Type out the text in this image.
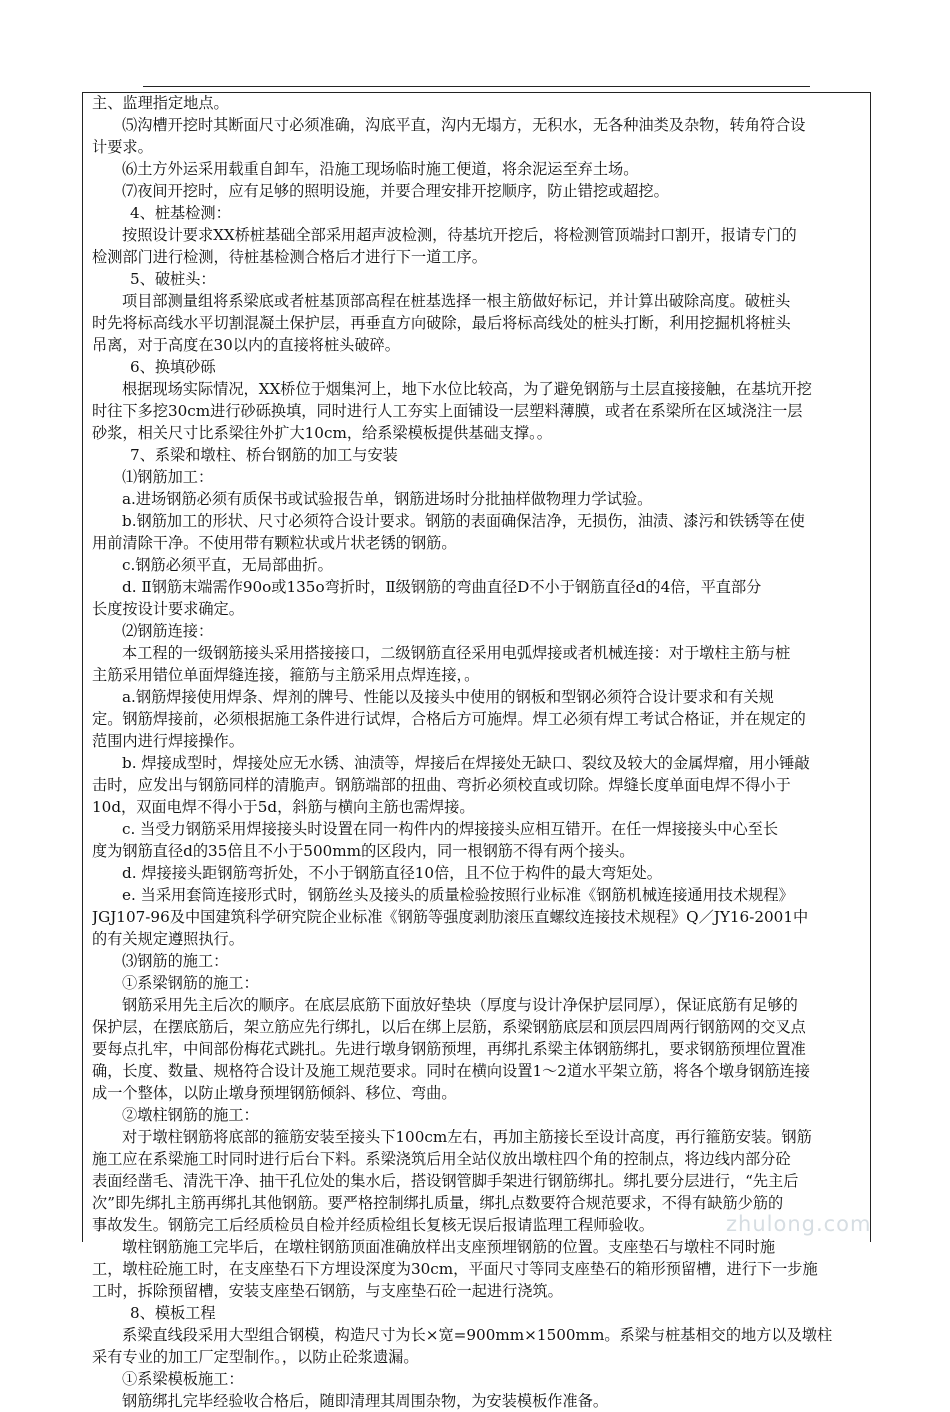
主、监理指定地点。
⑸沟槽开挖时其断面尺寸必须准确，沟底平直，沟内无塌方，无积水，无各种油类及杂物，转角符合设
计要求。
⑹土方外运采用载重自卸车，沿施工现场临时施工便道，将余泥运至弃土场。
⑺夜间开挖时，应有足够的照明设施，并要合理安排开挖顺序，防止错挖或超挖。
4、桩基检测：
按照设计要求XX桥桩基础全部采用超声波检测，待基坑开挖后，将检测管顶端封口割开，报请专门的
检测部门进行检测，待桩基检测合格后才进行下一道工序。
5、破桩头：
项目部测量组将系梁底或者桩基顶部高程在桩基选择一根主筋做好标记，并计算出破除高度。破桩头
时先将标高线水平切割混凝土保护层，再垂直方向破除，最后将标高线处的桩头打断，利用挖掘机将桩头
吊离，对于高度在30以内的直接将桩头破碎。
6、换填砂砾
根据现场实际情况，XX桥位于烟集河上，地下水位比较高，为了避免钢筋与土层直接接触，在基坑开挖
时往下多挖30cm进行砂砾换填，同时进行人工夯实上面铺设一层塑料薄膜，或者在系梁所在区域浇注一层
砂浆，相关尺寸比系梁往外扩大10cm，给系梁模板提供基础支撑。。
7、系梁和墩柱、桥台钢筋的加工与安装
⑴钢筋加工：
a.进场钢筋必须有质保书或试验报告单，钢筋进场时分批抽样做物理力学试验。
b.钢筋加工的形状、尺寸必须符合设计要求。钢筋的表面确保洁净，无损伤，油渍、漆污和铁锈等在使
用前清除干净。不使用带有颗粒状或片状老锈的钢筋。
c.钢筋必须平直，无局部曲折。
d. Ⅱ钢筋末端需作90o或135o弯折时，Ⅱ级钢筋的弯曲直径D不小于钢筋直径d的4倍，平直部分
长度按设计要求确定。
⑵钢筋连接：
本工程的一级钢筋接头采用搭接接口，二级钢筋直径采用电弧焊接或者机械连接：对于墩柱主筋与桩
主筋采用错位单面焊缝连接，箍筋与主筋采用点焊连接，。
a.钢筋焊接使用焊条、焊剂的牌号、性能以及接头中使用的钢板和型钢必须符合设计要求和有关规
定。钢筋焊接前，必须根据施工条件进行试焊，合格后方可施焊。焊工必须有焊工考试合格证，并在规定的
范围内进行焊接操作。
b. 焊接成型时，焊接处应无水锈、油渍等，焊接后在焊接处无缺口、裂纹及较大的金属焊瘤，用小锤敲
击时，应发出与钢筋同样的清脆声。钢筋端部的扭曲、弯折必须校直或切除。焊缝长度单面电焊不得小于
10d，双面电焊不得小于5d，斜筋与横向主筋也需焊接。
c. 当受力钢筋采用焊接接头时设置在同一构件内的焊接接头应相互错开。在任一焊接接头中心至长
度为钢筋直径d的35倍且不小于500mm的区段内，同一根钢筋不得有两个接头。
d. 焊接接头距钢筋弯折处，不小于钢筋直径10倍，且不位于构件的最大弯矩处。
e. 当采用套筒连接形式时，钢筋丝头及接头的质量检验按照行业标准《钢筋机械连接通用技术规程》
JGJ107-96及中国建筑科学研究院企业标准《钢筋等强度剥肋滚压直螺纹连接技术规程》Q／JY16-2001中
的有关规定遵照执行。
⑶钢筋的施工：
①系梁钢筋的施工：
钢筋采用先主后次的顺序。在底层底筋下面放好垫块（厚度与设计净保护层同厚），保证底筋有足够的
保护层，在摆底筋后，架立筋应先行绑扎，以后在绑上层筋，系梁钢筋底层和顶层四周两行钢筋网的交叉点
要每点扎牢，中间部份梅花式跳扎。先进行墩身钢筋预埋，再绑扎系梁主体钢筋绑扎，要求钢筋预埋位置准
确，长度、数量、规格符合设计及施工规范要求。同时在横向设置1～2道水平架立筋，将各个墩身钢筋连接
成一个整体，以防止墩身预埋钢筋倾斜、移位、弯曲。
②墩柱钢筋的施工：
对于墩柱钢筋将底部的箍筋安装至接头下100cm左右，再加主筋接长至设计高度，再行箍筋安装。钢筋
施工应在系梁施工时同时进行后台下料。系梁浇筑后用全站仪放出墩柱四个角的控制点，将边线内部分砼
表面经凿毛、清洗干净、抽干孔位处的集水后，搭设钢管脚手架进行钢筋绑扎。绑扎要分层进行，“先主后
次”即先绑扎主筋再绑扎其他钢筋。要严格控制绑扎质量，绑扎点数要符合规范要求，不得有缺筋少筋的
事故发生。钢筋完工后经质检员自检并经质检组长复核无误后报请监理工程师验收。
墩柱钢筋施工完毕后，在墩柱钢筋顶面准确放样出支座预埋钢筋的位置。支座垫石与墩柱不同时施
工，墩柱砼施工时，在支座垫石下方埋设深度为30cm，平面尺寸等同支座垫石的箱形预留槽，进行下一步施
工时，拆除预留槽，安装支座垫石钢筋，与支座垫石砼一起进行浇筑。
8、模板工程
系梁直线段采用大型组合钢模，构造尺寸为长×宽=900mm×1500mm。系梁与桩基相交的地方以及墩柱
采有专业的加工厂定型制作。，以防止砼浆遗漏。
①系梁模板施工：
钢筋绑扎完毕经验收合格后，随即清理其周围杂物，为安装模板作准备。
zhulong.com
